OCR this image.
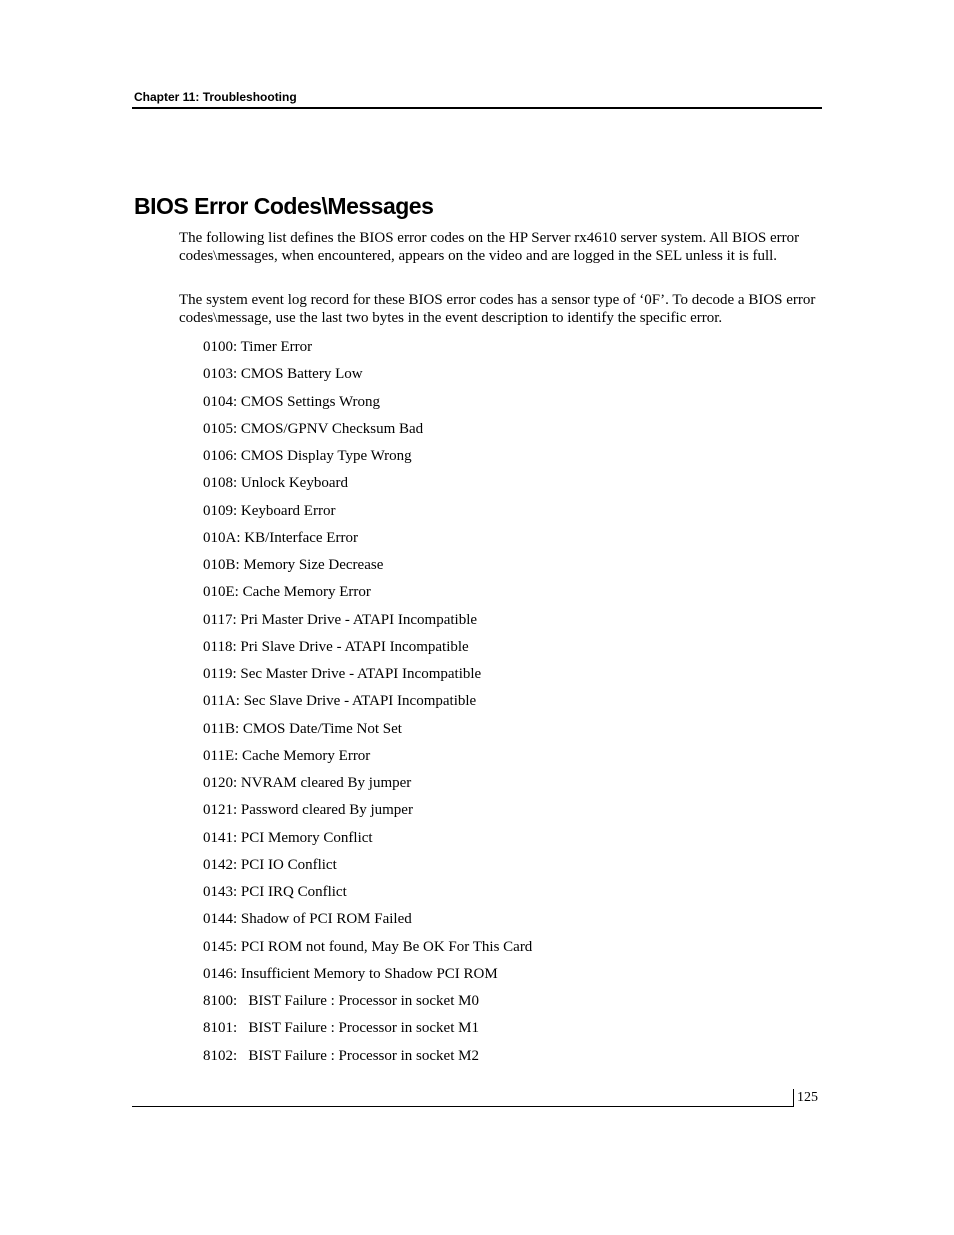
Chapter 11: Troubleshooting
BIOS Error Codes\Messages

The following list defines the BIOS error codes on the HP Server rx4610 server system. All BIOS error codes\messages, when encountered, appears on the video and are logged in the SEL unless it is full.

The system event log record for these BIOS error codes has a sensor type of ‘0F’. To decode a BIOS error codes\message, use the last two bytes in the event description to identify the specific error.

0100: Timer Error
0103: CMOS Battery Low
0104: CMOS Settings Wrong
0105: CMOS/GPNV Checksum Bad
0106: CMOS Display Type Wrong
0108: Unlock Keyboard
0109: Keyboard Error
010A: KB/Interface Error
010B: Memory Size Decrease
010E: Cache Memory Error
0117: Pri Master Drive - ATAPI Incompatible
0118: Pri Slave Drive - ATAPI Incompatible
0119: Sec Master Drive - ATAPI Incompatible
011A: Sec Slave Drive - ATAPI Incompatible
011B: CMOS Date/Time Not Set
011E: Cache Memory Error
0120: NVRAM cleared By jumper
0121: Password cleared By jumper
0141: PCI Memory Conflict
0142: PCI IO Conflict
0143: PCI IRQ Conflict
0144: Shadow of PCI ROM Failed
0145: PCI ROM not found, May Be OK For This Card
0146: Insufficient Memory to Shadow PCI ROM
8100:   BIST Failure : Processor in socket M0
8101:   BIST Failure : Processor in socket M1
8102:   BIST Failure : Processor in socket M2
125
